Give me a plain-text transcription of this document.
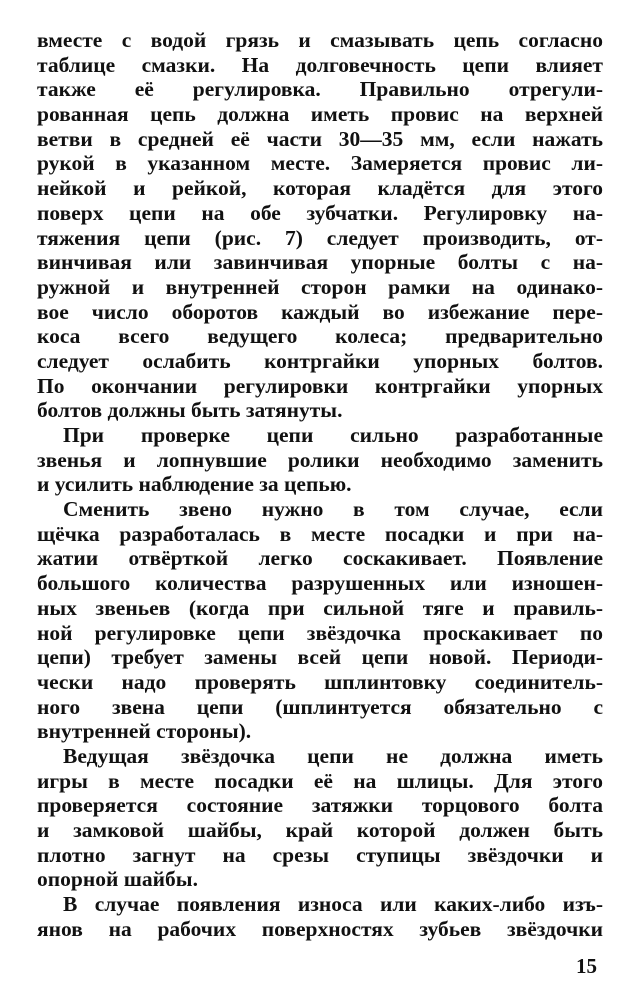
вместе с водой грязь и смазывать цепь согласно
таблице смазки. На долговечность цепи влияет
также её регулировка. Правильно отрегули-
рованная цепь должна иметь провис на верхней
ветви в средней её части 30—35 мм, если нажать
рукой в указанном месте. Замеряется провис ли-
нейкой и рейкой, которая кладётся для этого
поверх цепи на обе зубчатки. Регулировку на-
тяжения цепи (рис. 7) следует производить, от-
винчивая или завинчивая упорные болты с на-
ружной и внутренней сторон рамки на одинако-
вое число оборотов каждый во избежание пере-
коса всего ведущего колеса; предварительно
следует ослабить контргайки упорных болтов.
По окончании регулировки контргайки упорных
болтов должны быть затянуты.
При проверке цепи сильно разработанные
звенья и лопнувшие ролики необходимо заменить
и усилить наблюдение за цепью.
Сменить звено нужно в том случае, если
щёчка разработалась в месте посадки и при на-
жатии отвёрткой легко соскакивает. Появление
большого количества разрушенных или изношен-
ных звеньев (когда при сильной тяге и правиль-
ной регулировке цепи звёздочка проскакивает по
цепи) требует замены всей цепи новой. Периоди-
чески надо проверять шплинтовку соединитель-
ного звена цепи (шплинтуется обязательно с
внутренней стороны).
Ведущая звёздочка цепи не должна иметь
игры в месте посадки её на шлицы. Для этого
проверяется состояние затяжки торцового болта
и замковой шайбы, край которой должен быть
плотно загнут на срезы ступицы звёздочки и
опорной шайбы.
В случае появления износа или каких-либо изъ-
янов на рабочих поверхностях зубьев звёздочки
15
